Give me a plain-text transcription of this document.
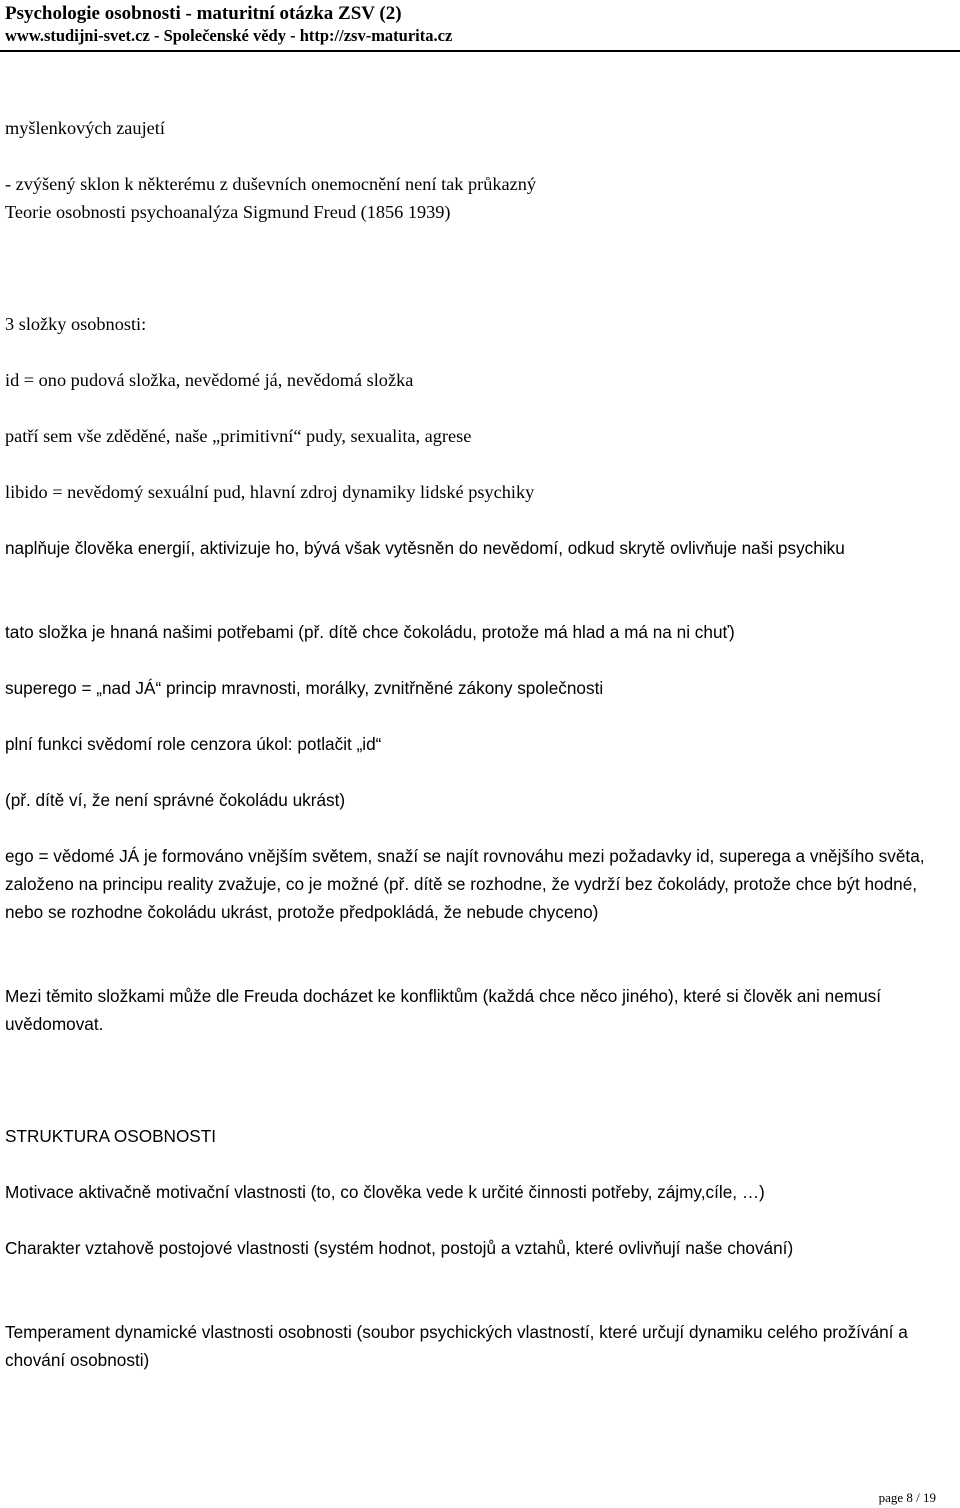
Psychologie osobnosti - maturitní otázka ZSV (2)
www.studijni-svet.cz - Společenské vědy - http://zsv-maturita.cz

myšlenkových zaujetí

- zvýšený sklon k některému z duševních onemocnění není tak průkazný

Teorie osobnosti psychoanalýza Sigmund Freud (1856 1939)

3 složky osobnosti:

id = ono pudová složka, nevědomé já, nevědomá složka

patří sem vše zděděné, naše „primitivní“ pudy, sexualita, agrese

libido = nevědomý sexuální pud, hlavní zdroj dynamiky lidské psychiky

naplňuje člověka energií, aktivizuje ho, bývá však vytěsněn do nevědomí, odkud skrytě ovlivňuje naši psychiku

tato složka je hnaná našimi potřebami (př. dítě chce čokoládu, protože má hlad a má na ni chuť)

superego = „nad JÁ“ princip mravnosti, morálky, zvnitřněné zákony společnosti

plní funkci svědomí role cenzora úkol: potlačit „id“

(př. dítě ví, že není správné čokoládu ukrást)

ego = vědomé JÁ je formováno vnějším světem, snaží se najít rovnováhu mezi požadavky id, superega a vnějšího světa, založeno na principu reality zvažuje, co je možné (př. dítě se rozhodne, že vydrží bez čokolády, protože chce být hodné, nebo se rozhodne čokoládu ukrást, protože předpokládá, že nebude chyceno)

Mezi těmito složkami může dle Freuda docházet ke konfliktům (každá chce něco jiného), které si člověk ani nemusí uvědomovat.

STRUKTURA OSOBNOSTI

Motivace aktivačně motivační vlastnosti (to, co člověka vede k určité činnosti potřeby, zájmy,cíle, …)

Charakter vztahově postojové vlastnosti (systém hodnot, postojů a vztahů, které ovlivňují naše chování)

Temperament dynamické vlastnosti osobnosti (soubor psychických vlastností, které určují dynamiku celého prožívání a chování osobnosti)

page 8 / 19
